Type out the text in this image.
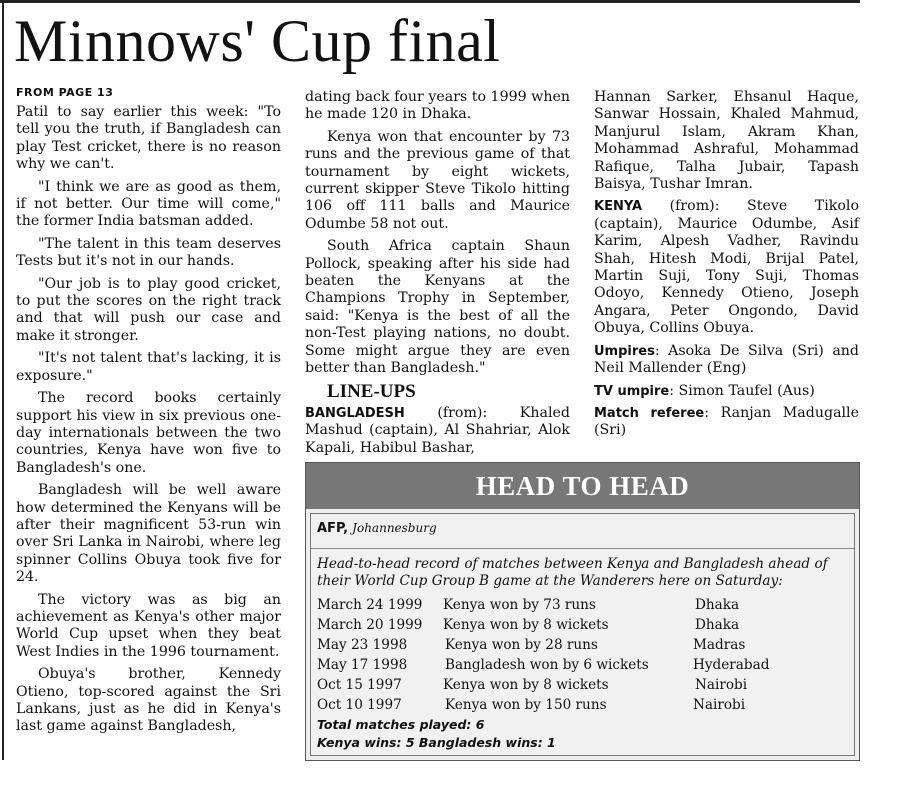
Minnows' Cup final
FROM PAGE 13

Patil to say earlier this week: "To tell you the truth, if Bangladesh can play Test cricket, there is no reason why we can't.

"I think we are as good as them, if not better. Our time will come," the former India batsman added.

"The talent in this team deserves Tests but it's not in our hands.

"Our job is to play good cricket, to put the scores on the right track and that will push our case and make it stronger.

"It's not talent that's lacking, it is exposure."

The record books certainly support his view in six previous one-day internationals between the two countries, Kenya have won five to Bangladesh's one.

Bangladesh will be well aware how determined the Kenyans will be after their magnificent 53-run win over Sri Lanka in Nairobi, where leg spinner Collins Obuya took five for 24.

The victory was as big an achievement as Kenya's other major World Cup upset when they beat West Indies in the 1996 tournament.

Obuya's brother, Kennedy Otieno, top-scored against the Sri Lankans, just as he did in Kenya's last game against Bangladesh,

dating back four years to 1999 when he made 120 in Dhaka.

Kenya won that encounter by 73 runs and the previous game of that tournament by eight wickets, current skipper Steve Tikolo hitting 106 off 111 balls and Maurice Odumbe 58 not out.

South Africa captain Shaun Pollock, speaking after his side had beaten the Kenyans at the Champions Trophy in September, said: "Kenya is the best of all the non-Test playing nations, no doubt. Some might argue they are even better than Bangladesh."

LINE-UPS

BANGLADESH (from): Khaled Mashud (captain), Al Shahriar, Alok Kapali, Habibul Bashar,

Hannan Sarker, Ehsanul Haque, Sanwar Hossain, Khaled Mahmud, Manjurul Islam, Akram Khan, Mohammad Ashraful, Mohammad Rafique, Talha Jubair, Tapash Baisya, Tushar Imran.

KENYA (from): Steve Tikolo (captain), Maurice Odumbe, Asif Karim, Alpesh Vadher, Ravindu Shah, Hitesh Modi, Brijal Patel, Martin Suji, Tony Suji, Thomas Odoyo, Kennedy Otieno, Joseph Angara, Peter Ongondo, David Obuya, Collins Obuya.

Umpires: Asoka De Silva (Sri) and Neil Mallender (Eng)

TV umpire: Simon Taufel (Aus)

Match referee: Ranjan Madugalle (Sri)

HEAD TO HEAD
AFP, Johannesburg
Head-to-head record of matches between Kenya and Bangladesh ahead of their World Cup Group B game at the Wanderers here on Saturday:
March 24 1999 Kenya won by 73 runs	Dhaka
March 20 1999 Kenya won by 8 wickets	Dhaka
May 23 1998	Kenya won by 28 runs	Madras
May 17 1998	Bangladesh won by 6 wickets	Hyderabad
Oct 15 1997	Kenya won by 8 wickets	Nairobi
Oct 10 1997	Kenya won by 150 runs	Nairobi
Total matches played: 6
Kenya wins: 5 Bangladesh wins: 1
